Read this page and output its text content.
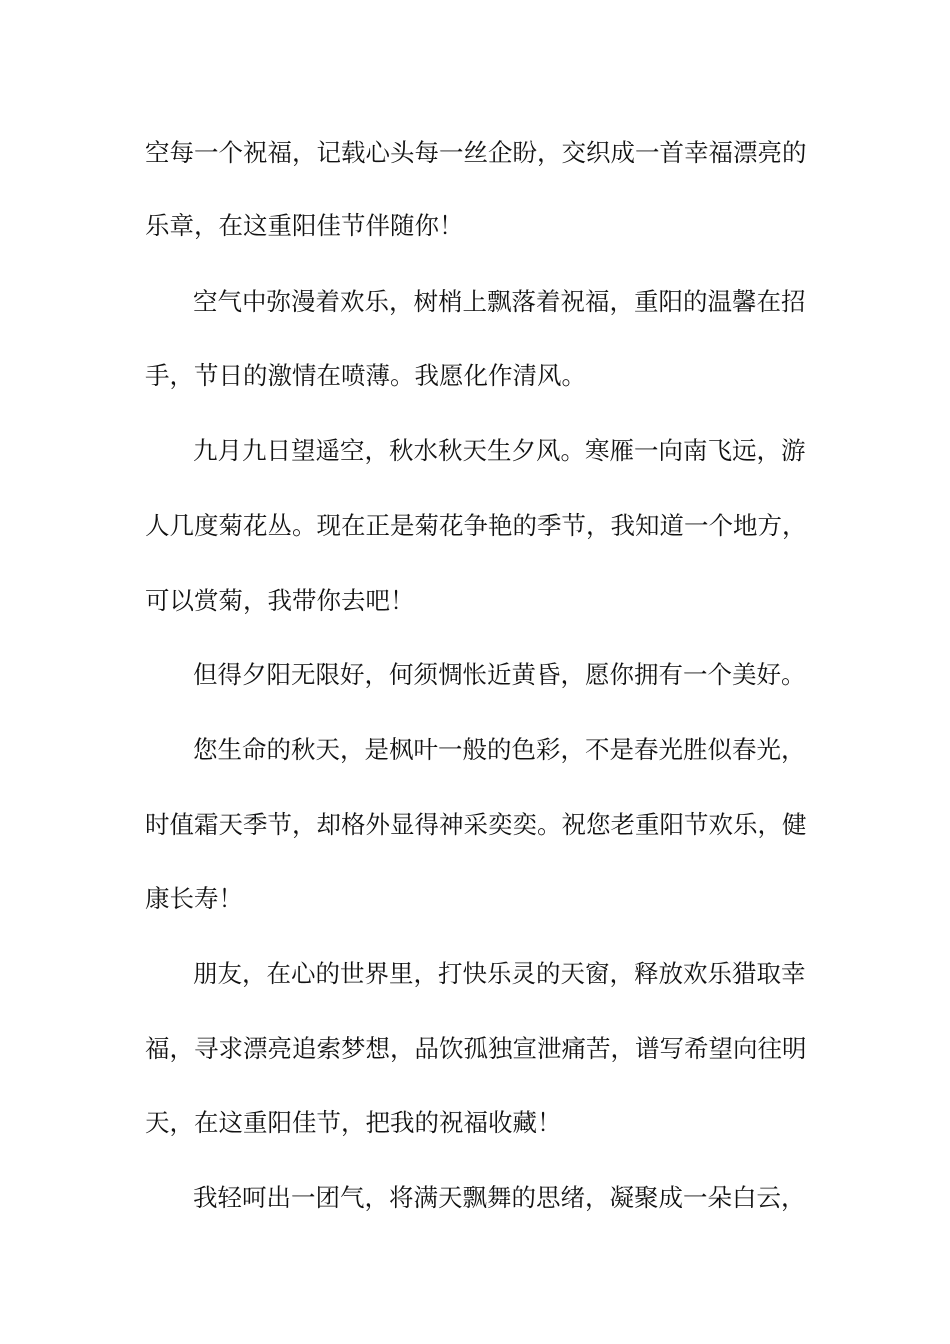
空每一个祝福，记载心头每一丝企盼，交织成一首幸福漂亮的
乐章，在这重阳佳节伴随你！
空气中弥漫着欢乐，树梢上飘落着祝福，重阳的温馨在招
手，节日的激情在喷薄。我愿化作清风。
九月九日望遥空，秋水秋天生夕风。寒雁一向南飞远，游
人几度菊花丛。现在正是菊花争艳的季节，我知道一个地方，
可以赏菊，我带你去吧！
但得夕阳无限好，何须惆怅近黄昏，愿你拥有一个美好。
您生命的秋天，是枫叶一般的色彩，不是春光胜似春光，
时值霜天季节，却格外显得神采奕奕。祝您老重阳节欢乐，健
康长寿！
朋友，在心的世界里，打快乐灵的天窗，释放欢乐猎取幸
福，寻求漂亮追索梦想，品饮孤独宣泄痛苦，谱写希望向往明
天，在这重阳佳节，把我的祝福收藏！
我轻呵出一团气，将满天飘舞的思绪，凝聚成一朵白云，
